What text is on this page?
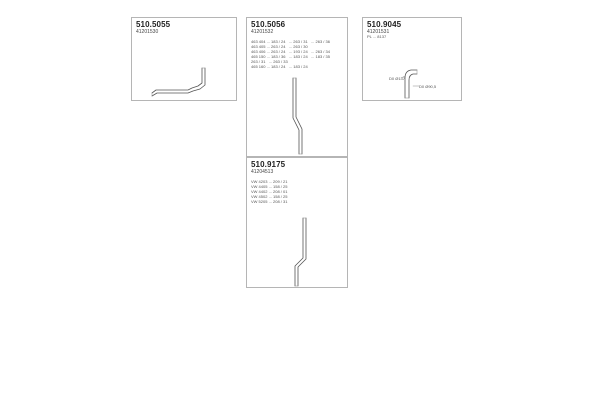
510.5055
41201530
510.5056
41201532
463 404 ... 183 / 24   ... 263 / 31   ... 263 / 36
463 405 ... 263 / 24   ... 263 / 30
463 406 ... 263 / 24   ... 193 / 24   ... 263 / 34
465 150 ... 183 / 36   ... 183 / 24   ... 183 / 35
263 / 31   ... 263 / 33
465 160 ... 183 / 24   ... 183 / 24
510.9045
41201531
PL ... 8137
D0 Ø137
D0 Ø90,5
510.9175
41204513
VW 4203 ... 209 / 21
VW 4405 ... 158 / 25
VW 4402 ... 208 / 01
VW 4502 ... 158 / 25
VW 5205 ... 208 / 31
